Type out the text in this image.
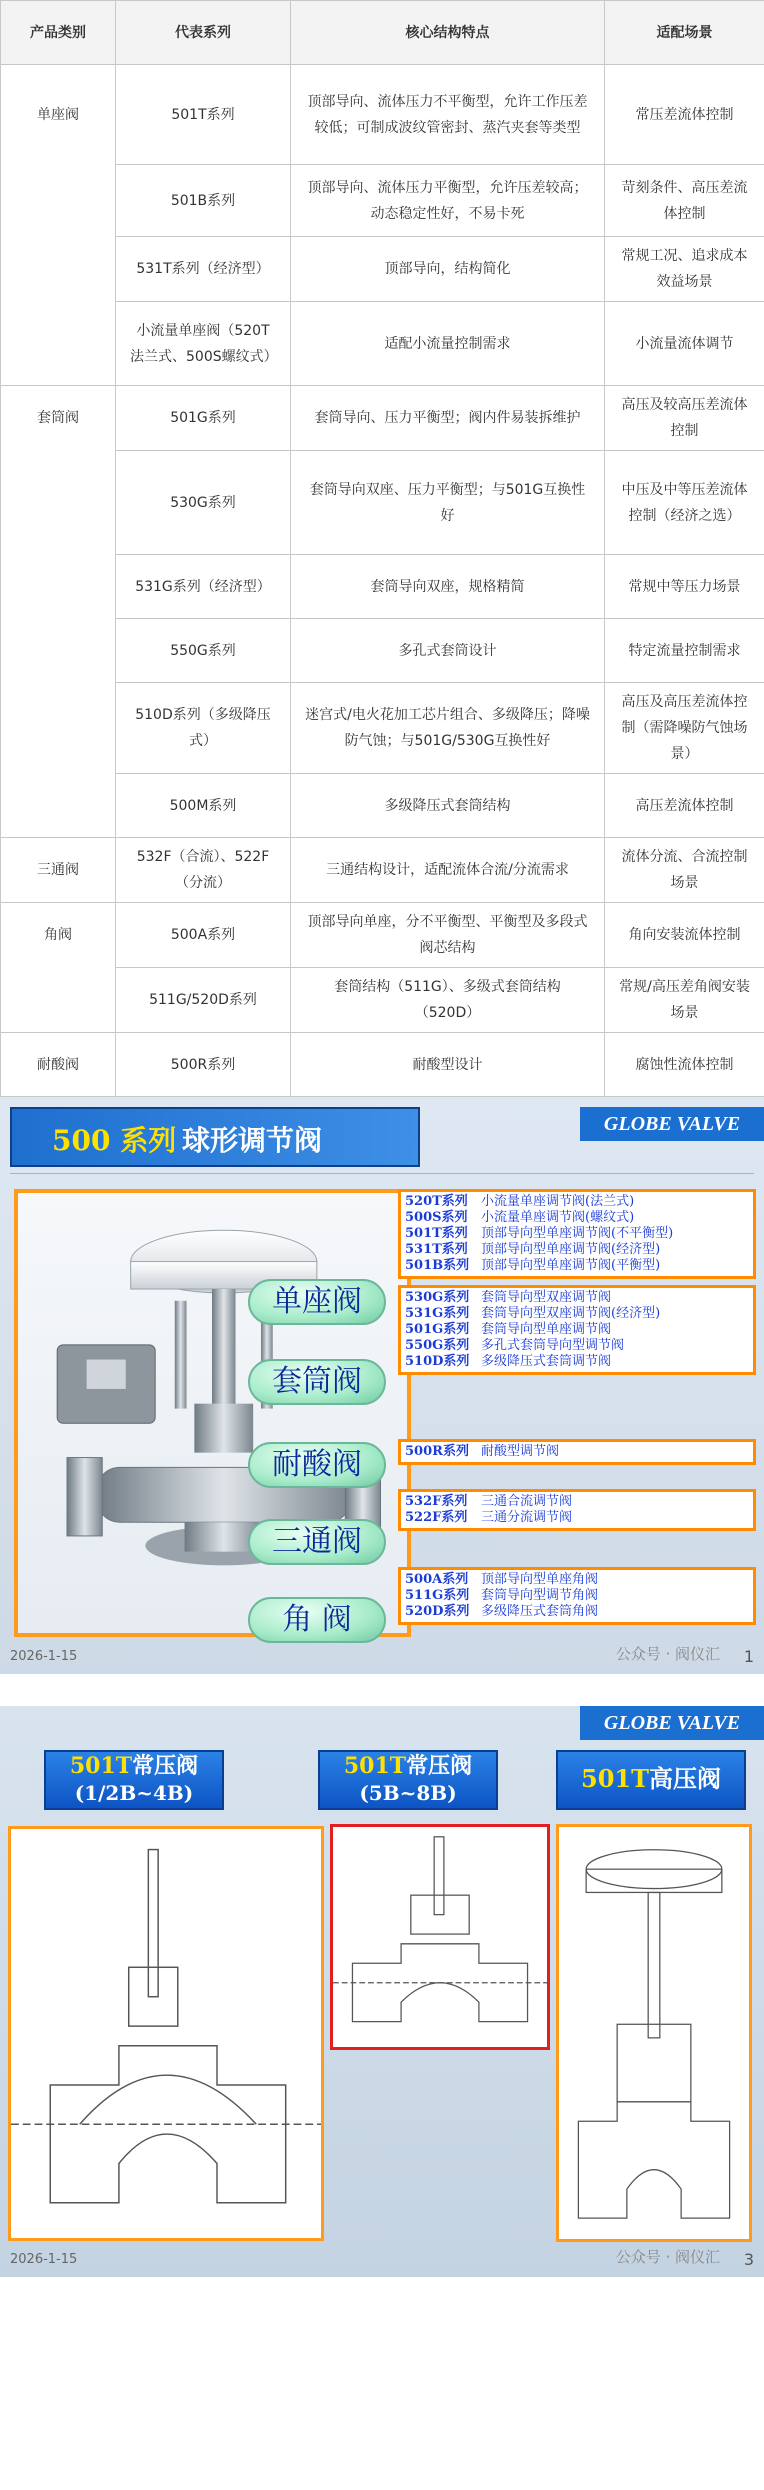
产品类别	代表系列	核心结构特点	适配场景
单座阀	501T系列	顶部导向、流体压力不平衡型，允许工作压差较低；可制成波纹管密封、蒸汽夹套等类型	常压差流体控制
	501B系列	顶部导向、流体压力平衡型，允许压差较高；动态稳定性好，不易卡死	苛刻条件、高压差流体控制
	531T系列（经济型）	顶部导向，结构简化	常规工况、追求成本效益场景
	小流量单座阀（520T法兰式、500S螺纹式）	适配小流量控制需求	小流量流体调节
套筒阀	501G系列	套筒导向、压力平衡型；阀内件易装拆维护	高压及较高压差流体控制
	530G系列	套筒导向双座、压力平衡型；与501G互换性好	中压及中等压差流体控制（经济之选）
	531G系列（经济型）	套筒导向双座，规格精简	常规中等压力场景
	550G系列	多孔式套筒设计	特定流量控制需求
	510D系列（多级降压式）	迷宫式/电火花加工芯片组合、多级降压；降噪防气蚀；与501G/530G互换性好	高压及高压差流体控制（需降噪防气蚀场景）
	500M系列	多级降压式套筒结构	高压差流体控制
三通阀	532F（合流）、522F（分流）	三通结构设计，适配流体合流/分流需求	流体分流、合流控制场景
角阀	500A系列	顶部导向单座，分不平衡型、平衡型及多段式阀芯结构	角向安装流体控制
	511G/520D系列	套筒结构（511G）、多级式套筒结构（520D）	常规/高压差角阀安装场景
耐酸阀	500R系列	耐酸型设计	腐蚀性流体控制
500 系列 球形调节阀	GLOBE VALVE
单座阀
套筒阀
耐酸阀
三通阀
角 阀
520T系列 小流量单座调节阀(法兰式)
500S系列 小流量单座调节阀(螺纹式)
501T系列 顶部导向型单座调节阀(不平衡型)
531T系列 顶部导向型单座调节阀(经济型)
501B系列 顶部导向型单座调节阀(平衡型)
530G系列 套筒导向型双座调节阀
531G系列 套筒导向型双座调节阀(经济型)
501G系列 套筒导向型单座调节阀
550G系列 多孔式套筒导向型调节阀
510D系列 多级降压式套筒调节阀
500R系列 耐酸型调节阀
532F系列 三通合流调节阀
522F系列 三通分流调节阀
500A系列 顶部导向型单座角阀
511G系列 套筒导向型调节角阀
520D系列 多级降压式套筒角阀
2026-1-15	公众号 · 阀仪汇 1
GLOBE VALVE
501T常压阀
(1/2B~4B)
501T常压阀
(5B~8B)	501T高压阀
2026-1-15	公众号 · 阀仪汇 3
